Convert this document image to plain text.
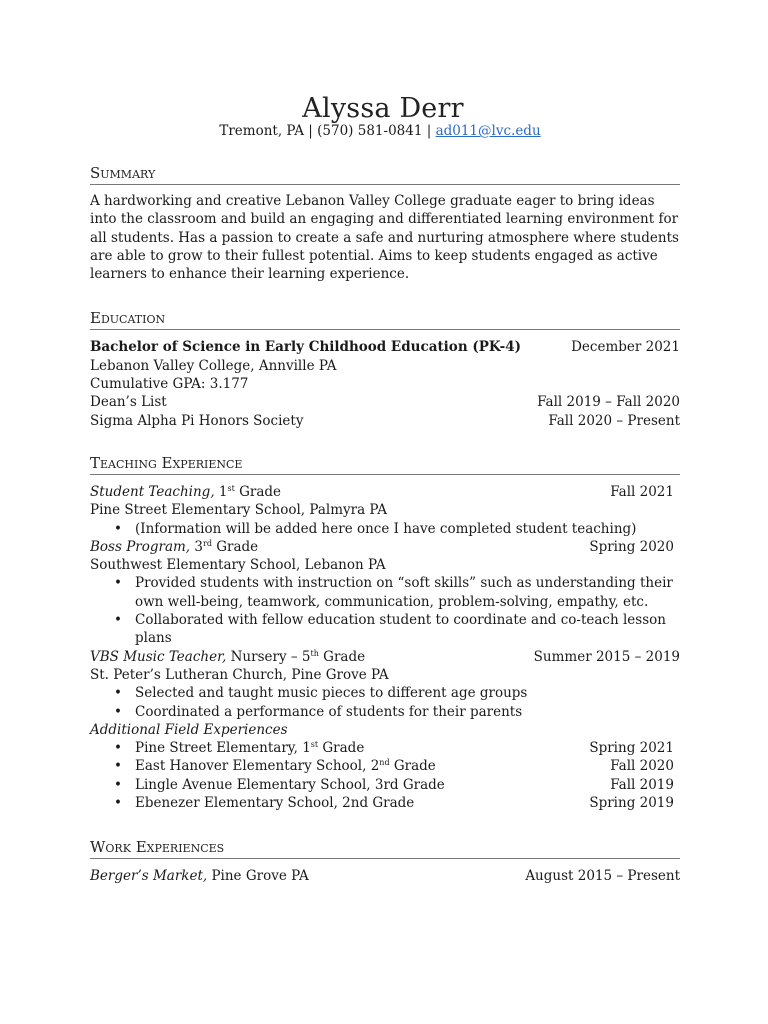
Alyssa Derr
Tremont, PA | (570) 581-0841 | ad011@lvc.edu
Summary
A hardworking and creative Lebanon Valley College graduate eager to bring ideas into the classroom and build an engaging and differentiated learning environment for all students. Has a passion to create a safe and nurturing atmosphere where students are able to grow to their fullest potential. Aims to keep students engaged as active learners to enhance their learning experience.
Education
Bachelor of Science in Early Childhood Education (PK-4)	December 2021
Lebanon Valley College, Annville PA
Cumulative GPA: 3.177
Dean’s List	Fall 2019 – Fall 2020
Sigma Alpha Pi Honors Society	Fall 2020 – Present
Teaching Experience
Student Teaching, 1st Grade	Fall 2021
Pine Street Elementary School, Palmyra PA
• (Information will be added here once I have completed student teaching)
Boss Program, 3rd Grade	Spring 2020
Southwest Elementary School, Lebanon PA
• Provided students with instruction on “soft skills” such as understanding their own well-being, teamwork, communication, problem-solving, empathy, etc.
• Collaborated with fellow education student to coordinate and co-teach lesson plans
VBS Music Teacher, Nursery – 5th Grade	Summer 2015 – 2019
St. Peter’s Lutheran Church, Pine Grove PA
• Selected and taught music pieces to different age groups
• Coordinated a performance of students for their parents
Additional Field Experiences
• Pine Street Elementary, 1st Grade	Spring 2021
• East Hanover Elementary School, 2nd Grade	Fall 2020
• Lingle Avenue Elementary School, 3rd Grade	Fall 2019
• Ebenezer Elementary School, 2nd Grade	Spring 2019
Work Experiences
Berger’s Market, Pine Grove PA	August 2015 – Present
